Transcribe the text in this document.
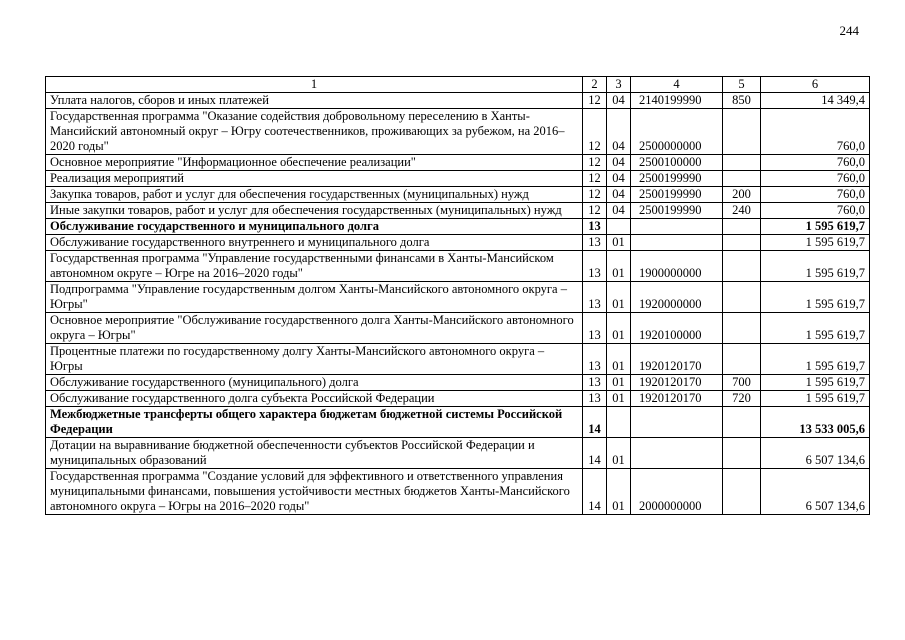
244
1	2	3	4	5	6
Уплата налогов, сборов и иных платежей	12	04	2140199990	850	14 349,4
Государственная программа "Оказание содействия добровольному переселению в Ханты-Мансийский автономный округ – Югру соотечественников, проживающих за рубежом, на 2016–2020 годы"	12	04	2500000000		760,0
Основное мероприятие "Информационное обеспечение реализации"	12	04	2500100000		760,0
Реализация мероприятий	12	04	2500199990		760,0
Закупка товаров, работ и услуг для обеспечения государственных (муниципальных) нужд	12	04	2500199990	200	760,0
Иные закупки товаров, работ и услуг для обеспечения государственных (муниципальных) нужд	12	04	2500199990	240	760,0
Обслуживание государственного и муниципального долга	13				1 595 619,7
Обслуживание государственного внутреннего и муниципального долга	13	01			1 595 619,7
Государственная программа "Управление государственными финансами в Ханты-Мансийском автономном округе – Югре на 2016–2020 годы"	13	01	1900000000		1 595 619,7
Подпрограмма "Управление государственным долгом Ханты-Мансийского автономного округа – Югры"	13	01	1920000000		1 595 619,7
Основное мероприятие "Обслуживание государственного долга Ханты-Мансийского автономного округа – Югры"	13	01	1920100000		1 595 619,7
Процентные платежи по государственному долгу Ханты-Мансийского автономного округа – Югры	13	01	1920120170		1 595 619,7
Обслуживание государственного (муниципального) долга	13	01	1920120170	700	1 595 619,7
Обслуживание государственного долга субъекта Российской Федерации	13	01	1920120170	720	1 595 619,7
Межбюджетные трансферты общего характера бюджетам бюджетной системы Российской Федерации	14				13 533 005,6
Дотации на выравнивание бюджетной обеспеченности субъектов Российской Федерации и муниципальных образований	14	01			6 507 134,6
Государственная программа "Создание условий для эффективного и ответственного управления муниципальными финансами, повышения устойчивости местных бюджетов Ханты-Мансийского автономного округа – Югры на 2016–2020 годы"	14	01	2000000000		6 507 134,6
